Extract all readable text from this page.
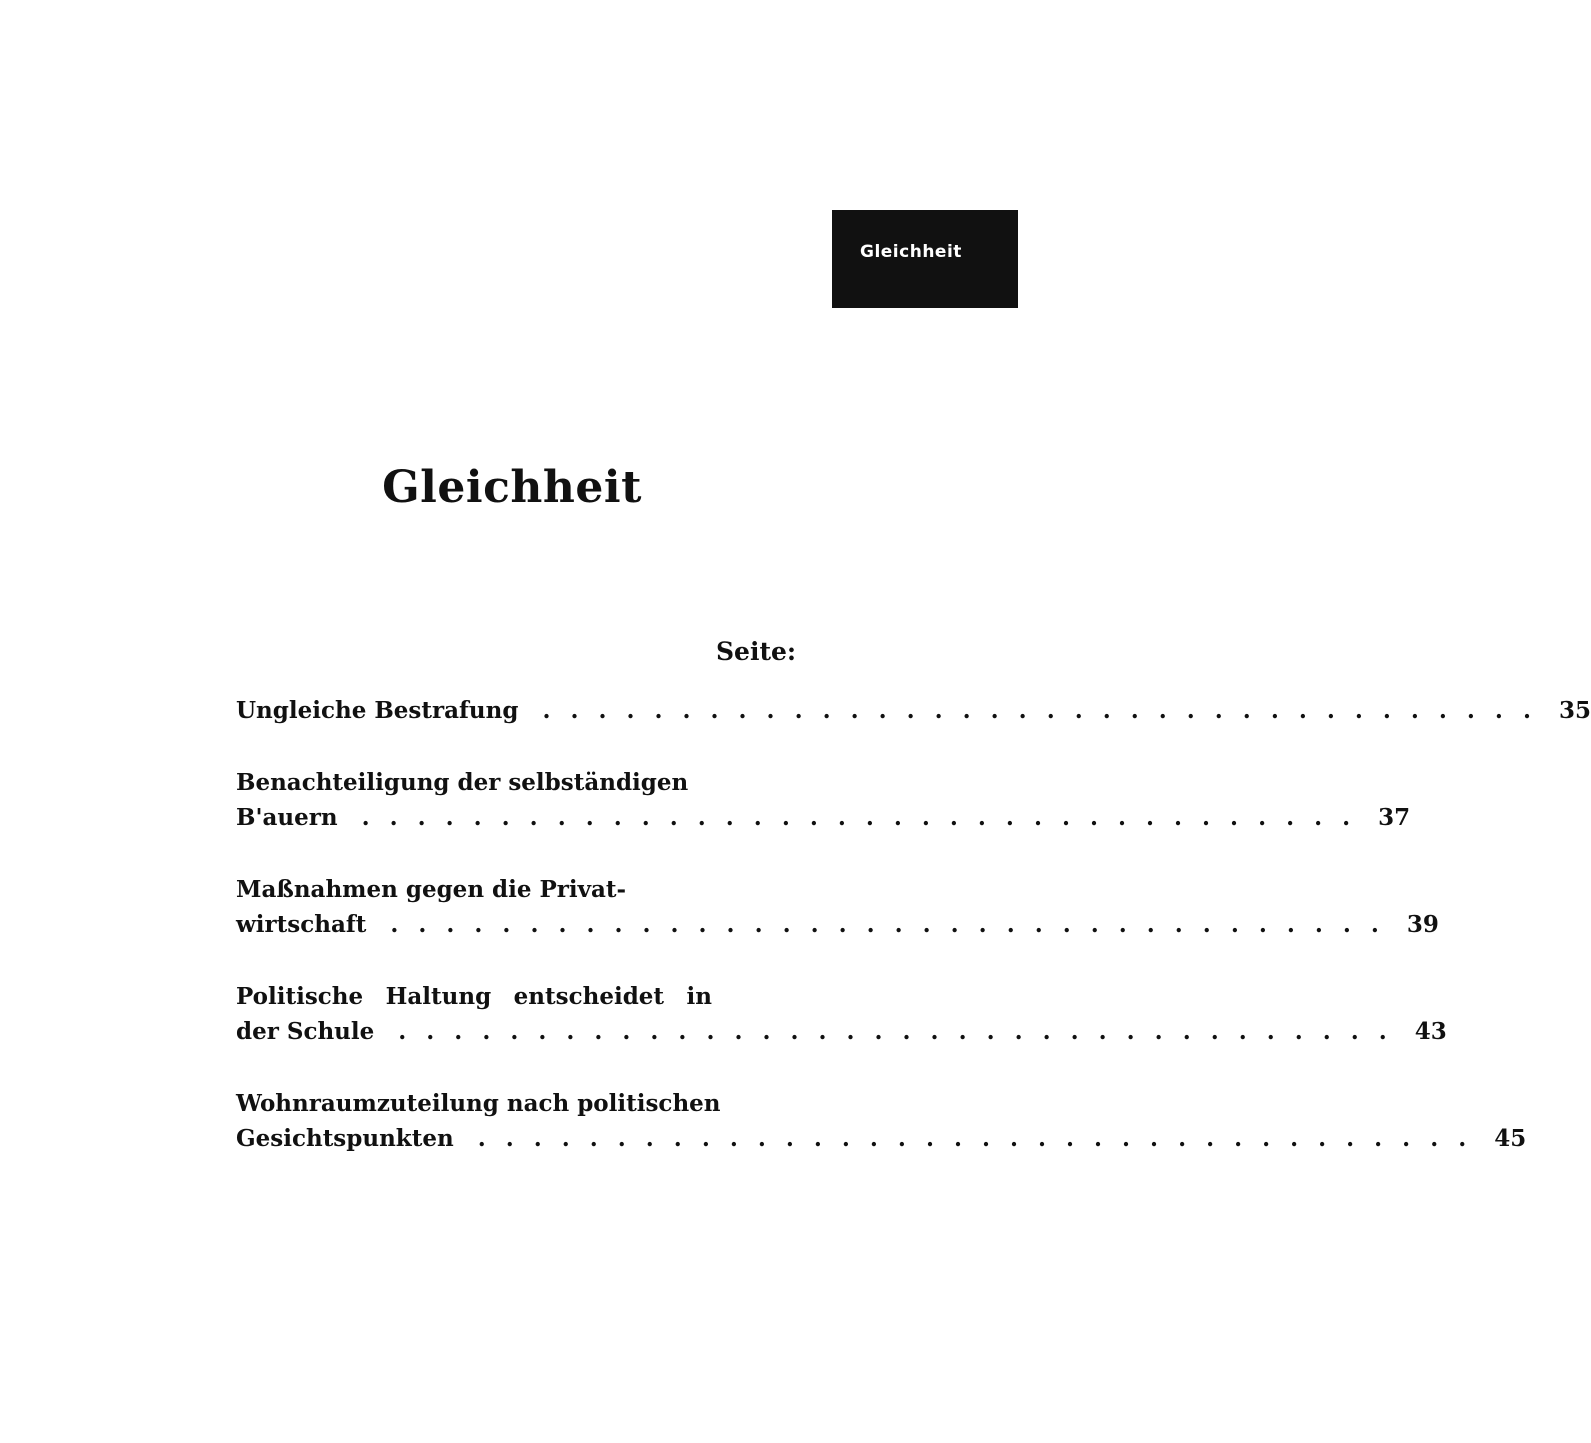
Gleichheit
Gleichheit
Seite:
Ungleiche Bestrafung . . . . . . . . . . . . . . . . . . . . . . . . . . . . . . . . . . . . 35
Benachteiligung der selbständigen
B'auern . . . . . . . . . . . . . . . . . . . . . . . . . . . . . . . . . . . . 37
Maßnahmen gegen die Privat-
wirtschaft . . . . . . . . . . . . . . . . . . . . . . . . . . . . . . . . . . . . 39
Politische Haltung entscheidet in
der Schule . . . . . . . . . . . . . . . . . . . . . . . . . . . . . . . . . . . . 43
Wohnraumzuteilung nach politischen
Gesichtspunkten . . . . . . . . . . . . . . . . . . . . . . . . . . . . . . . . . . . . 45
